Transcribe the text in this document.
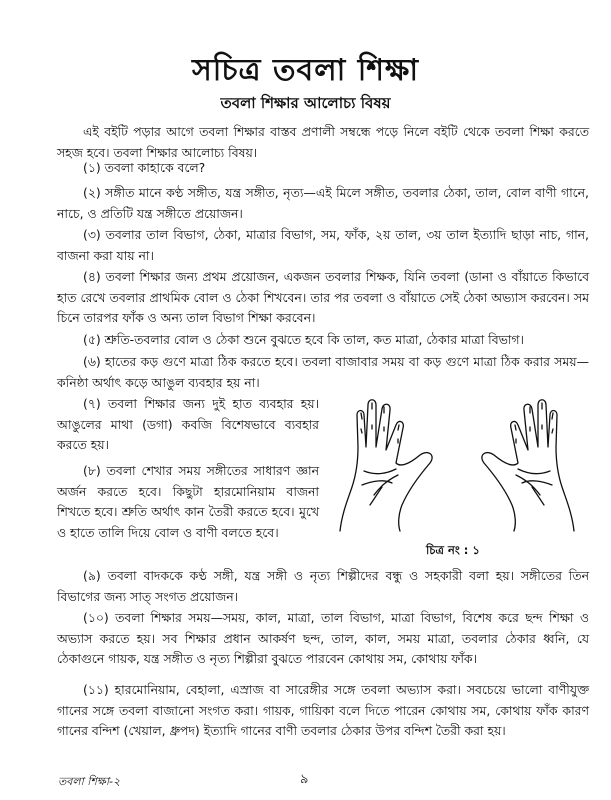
সচিত্র তবলা শিক্ষা
তবলা শিক্ষার আলোচ্য বিষয়

এই বইটি পড়ার আগে তবলা শিক্ষার বাস্তব প্রণালী সম্বন্ধে পড়ে নিলে বইটি থেকে তবলা শিক্ষা করতে সহজ হবে। তবলা শিক্ষার আলোচ্য বিষয়।

(১) তবলা কাহাকে বলে?

(২) সঙ্গীত মানে কণ্ঠ সঙ্গীত, যন্ত্র সঙ্গীত, নৃত্য—এই মিলে সঙ্গীত, তবলার ঠেকা, তাল, বোল বাণী গানে, নাচে, ও প্রতিটি যন্ত্র সঙ্গীতে প্রয়োজন।

(৩) তবলার তাল বিভাগ, ঠেকা, মাত্রার বিভাগ, সম, ফাঁক, ২য় তাল, ৩য় তাল ইত্যাদি ছাড়া নাচ, গান, বাজনা করা যায় না।

(৪) তবলা শিক্ষার জন্য প্রথম প্রয়োজন, একজন তবলার শিক্ষক, যিনি তবলা (ডানা ও বাঁয়াতে কিভাবে হাত রেখে তবলার প্রাথমিক বোল ও ঠেকা শিখবেন। তার পর তবলা ও বাঁয়াতে সেই ঠেকা অভ্যাস করবেন। সম চিনে তারপর ফাঁক ও অন্য তাল বিভাগ শিক্ষা করবেন।

(৫) শ্রুতি-তবলার বোল ও ঠেকা শুনে বুঝতে হবে কি তাল, কত মাত্রা, ঠেকার মাত্রা বিভাগ।

(৬) হাতের কড় গুণে মাত্রা ঠিক করতে হবে। তবলা বাজাবার সময় বা কড় গুণে মাত্রা ঠিক করার সময়—কনিষ্ঠা অর্থাৎ কড়ে আঙুল ব্যবহার হয় না।

(৭) তবলা শিক্ষার জন্য দুই হাত ব্যবহার হয়। আঙুলের মাথা (ডগা) কবজি বিশেষভাবে ব্যবহার করতে হয়।

(৮) তবলা শেখার সময় সঙ্গীতের সাধারণ জ্ঞান অর্জন করতে হবে। কিছুটা হারমোনিয়াম বাজনা শিখতে হবে। শ্রুতি অর্থাৎ কান তৈরী করতে হবে। মুখে ও হাতে তালি দিয়ে বোল ও বাণী বলতে হবে।

চিত্র নং : ১

(৯) তবলা বাদককে কণ্ঠ সঙ্গী, যন্ত্র সঙ্গী ও নৃত্য শিল্পীদের বন্ধু ও সহকারী বলা হয়। সঙ্গীতের তিন বিভাগের জন্য সাত্ সংগত প্রয়োজন।

(১০) তবলা শিক্ষার সময়—সময়, কাল, মাত্রা, তাল বিভাগ, মাত্রা বিভাগ, বিশেষ করে ছন্দ শিক্ষা ও অভ্যাস করতে হয়। সব শিক্ষার প্রধান আকর্ষণ ছন্দ, তাল, কাল, সময় মাত্রা, তবলার ঠেকার ধ্বনি, যে ঠেকাগুনে গায়ক, যন্ত্র সঙ্গীত ও নৃত্য শিল্পীরা বুঝতে পারবেন কোথায় সম, কোথায় ফাঁক।

(১১) হারমোনিয়াম, বেহালা, এস্রাজ বা সারেঙ্গীর সঙ্গে তবলা অভ্যাস করা। সবচেয়ে ভালো বাণীযুক্ত গানের সঙ্গে তবলা বাজানো সংগত করা। গায়ক, গায়িকা বলে দিতে পারেন কোথায় সম, কোথায় ফাঁক কারণ গানের বন্দিশ (খেয়াল, ধ্রুপদ) ইত্যাদি গানের বাণী তবলার ঠেকার উপর বন্দিশ তৈরী করা হয়।

তবলা শিক্ষা-২	৯
